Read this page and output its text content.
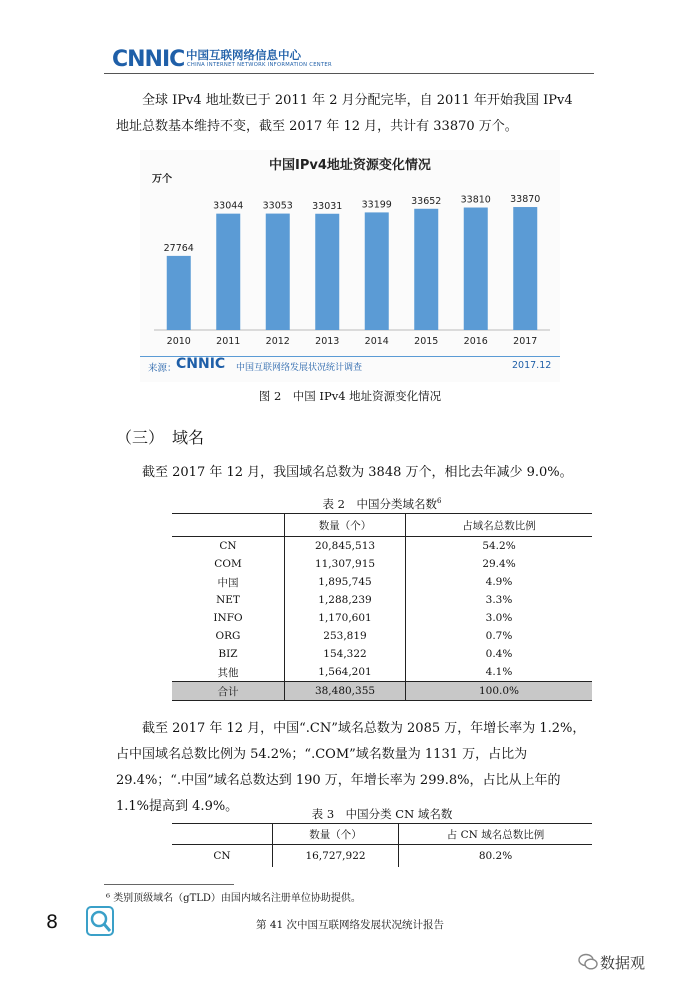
CNNIC 中国互联网络信息中心
CHINA INTERNET NETWORK INFORMATION CENTER

全球 IPv4 地址数已于 2011 年 2 月分配完毕，自 2011 年开始我国 IPv4 地址总数基本维持不变，截至 2017 年 12 月，共计有 33870 万个。

27764
2010
33044
2011
33053
2012
33031
2013
33199
2014
33652
2015
33810
2016
33870
2017
中国IPv4地址资源变化情况
万个
来源： CNNIC 中国互联网络发展状况统计调查	2017.12
图 2　中国 IPv4 地址资源变化情况
（三）　域名

截至 2017 年 12 月，我国域名总数为 3848 万个，相比去年减少 9.0%。

表 2　中国分类域名数$^6$
	数量（个）	占域名总数比例
CN	20,845,513	54.2%
COM	11,307,915	29.4%
中国	1,895,745	4.9%
NET	1,288,239	3.3%
INFO	1,170,601	3.0%
ORG	253,819	0.7%
BIZ	154,322	0.4%
其他	1,564,201	4.1%
合计	38,480,355	100.0%

截至 2017 年 12 月，中国“.CN”域名总数为 2085 万，年增长率为 1.2%，占中国域名总数比例为 54.2%；“.COM”域名数量为 1131 万，占比为 29.4%；“.中国”域名总数达到 190 万，年增长率为 299.8%，占比从上年的 1.1%提高到 4.9%。	表 3　中国分类 CN 域名数
	数量（个）	占 CN 域名总数比例
CN	16,727,922	80.2%
⁶ 类别顶级域名（gTLD）由国内域名注册单位协助提供。
8	第 41 次中国互联网络发展状况统计报告
数据观
